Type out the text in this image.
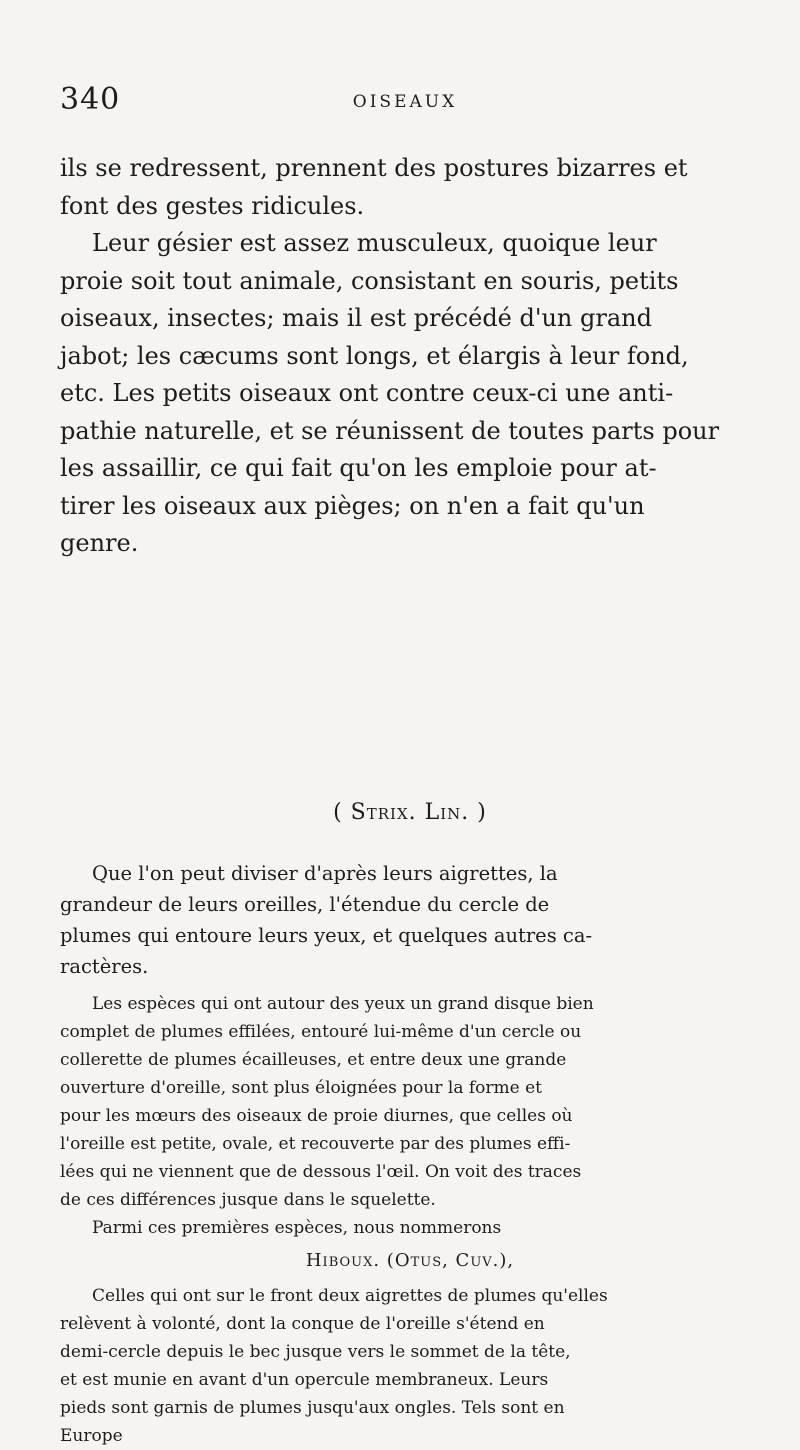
340	OISEAUX
ils se redressent, prennent des postures bizarres et
font des gestes ridicules.
Leur gésier est assez musculeux, quoique leur
proie soit tout animale, consistant en souris, petits
oiseaux, insectes; mais il est précédé d'un grand
jabot; les cæcums sont longs, et élargis à leur fond,
etc. Les petits oiseaux ont contre ceux-ci une anti-
pathie naturelle, et se réunissent de toutes parts pour
les assaillir, ce qui fait qu'on les emploie pour at-
tirer les oiseaux aux pièges; on n'en a fait qu'un
genre.
( Strix. Lin. )
Que l'on peut diviser d'après leurs aigrettes, la
grandeur de leurs oreilles, l'étendue du cercle de
plumes qui entoure leurs yeux, et quelques autres ca-
ractères.
Les espèces qui ont autour des yeux un grand disque bien
complet de plumes effilées, entouré lui-même d'un cercle ou
collerette de plumes écailleuses, et entre deux une grande
ouverture d'oreille, sont plus éloignées pour la forme et
pour les mœurs des oiseaux de proie diurnes, que celles où
l'oreille est petite, ovale, et recouverte par des plumes effi-
lées qui ne viennent que de dessous l'œil. On voit des traces
de ces différences jusque dans le squelette.
Parmi ces premières espèces, nous nommerons
Hiboux. (Otus, Cuv.),
Celles qui ont sur le front deux aigrettes de plumes qu'elles
relèvent à volonté, dont la conque de l'oreille s'étend en
demi-cercle depuis le bec jusque vers le sommet de la tête,
et est munie en avant d'un opercule membraneux. Leurs
pieds sont garnis de plumes jusqu'aux ongles. Tels sont en
Europe
